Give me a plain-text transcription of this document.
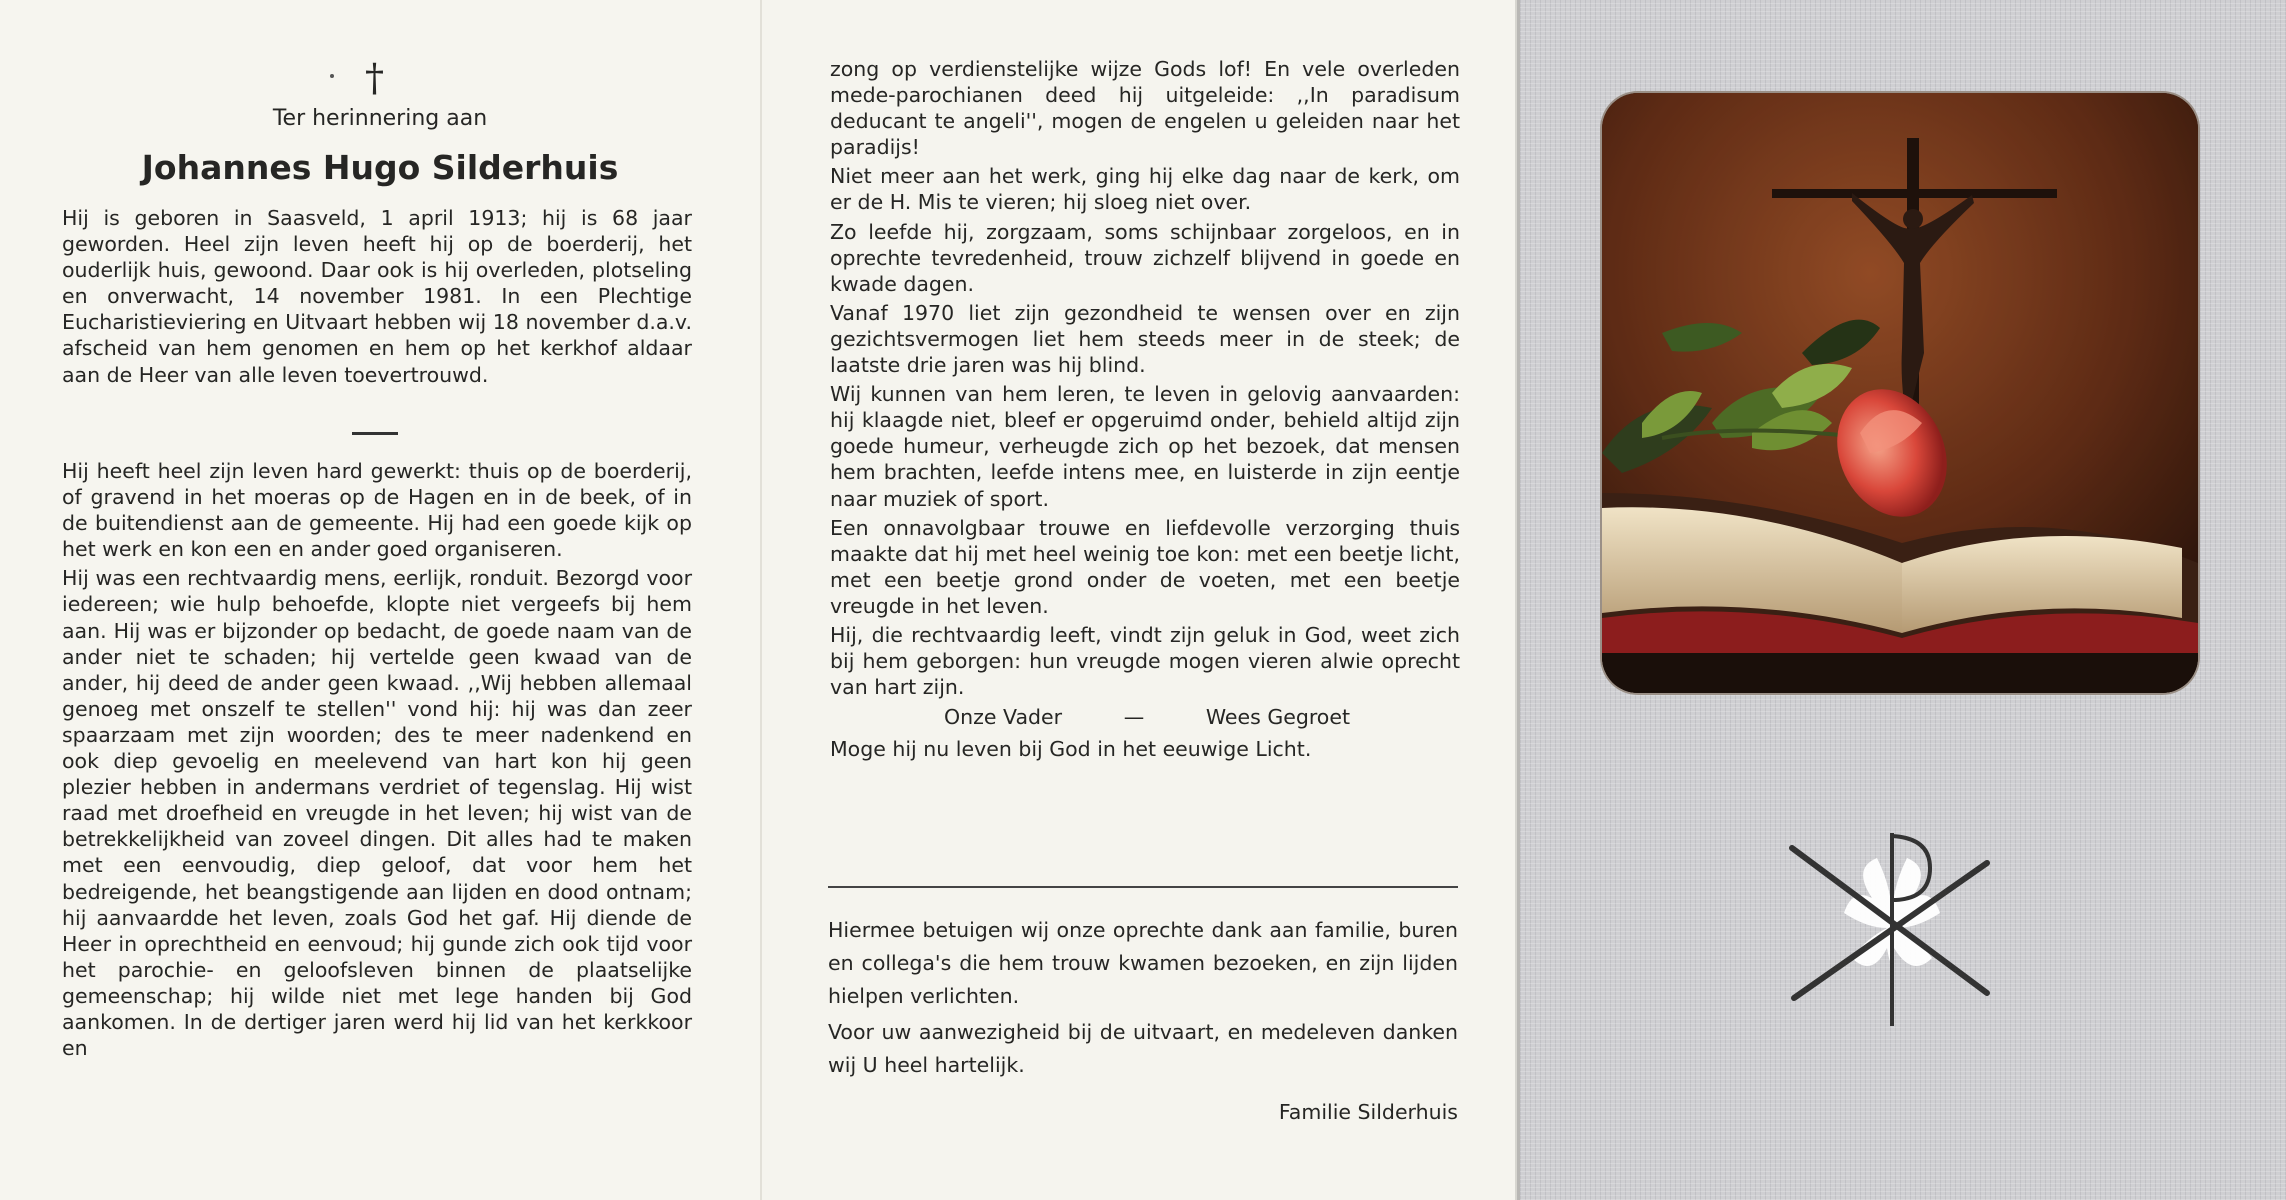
†
Ter herinnering aan
Johannes Hugo Silderhuis

Hij is geboren in Saasveld, 1 april 1913; hij is 68 jaar geworden. Heel zijn leven heeft hij op de boerderij, het ouderlijk huis, gewoond. Daar ook is hij overleden, plotseling en onverwacht, 14 november 1981. In een Plechtige Eucharistieviering en Uitvaart hebben wij 18 november d.a.v. afscheid van hem genomen en hem op het kerkhof aldaar aan de Heer van alle leven toevertrouwd.

Hij heeft heel zijn leven hard gewerkt: thuis op de boerderij, of gravend in het moeras op de Hagen en in de beek, of in de buitendienst aan de gemeente. Hij had een goede kijk op het werk en kon een en ander goed organiseren.

Hij was een rechtvaardig mens, eerlijk, ronduit. Bezorgd voor iedereen; wie hulp behoefde, klopte niet vergeefs bij hem aan. Hij was er bijzonder op bedacht, de goede naam van de ander niet te schaden; hij vertelde geen kwaad van de ander, hij deed de ander geen kwaad. ,,Wij hebben allemaal genoeg met onszelf te stellen'' vond hij: hij was dan zeer spaarzaam met zijn woorden; des te meer nadenkend en ook diep gevoelig en meelevend van hart kon hij geen plezier hebben in andermans verdriet of tegenslag. Hij wist raad met droefheid en vreugde in het leven; hij wist van de betrekkelijkheid van zoveel dingen. Dit alles had te maken met een eenvoudig, diep geloof, dat voor hem het bedreigende, het beangstigende aan lijden en dood ontnam; hij aanvaardde het leven, zoals God het gaf. Hij diende de Heer in oprechtheid en eenvoud; hij gunde zich ook tijd voor het parochie- en geloofsleven binnen de plaatselijke gemeenschap; hij wilde niet met lege handen bij God aankomen. In de dertiger jaren werd hij lid van het kerkkoor en

zong op verdienstelijke wijze Gods lof! En vele overleden mede-parochianen deed hij uitgeleide: ,,In paradisum deducant te angeli'', mogen de engelen u geleiden naar het paradijs!

Niet meer aan het werk, ging hij elke dag naar de kerk, om er de H. Mis te vieren; hij sloeg niet over.

Zo leefde hij, zorgzaam, soms schijnbaar zorgeloos, en in oprechte tevredenheid, trouw zichzelf blijvend in goede en kwade dagen.

Vanaf 1970 liet zijn gezondheid te wensen over en zijn gezichtsvermogen liet hem steeds meer in de steek; de laatste drie jaren was hij blind.

Wij kunnen van hem leren, te leven in gelovig aanvaarden: hij klaagde niet, bleef er opgeruimd onder, behield altijd zijn goede humeur, verheugde zich op het bezoek, dat mensen hem brachten, leefde intens mee, en luisterde in zijn eentje naar muziek of sport.

Een onnavolgbaar trouwe en liefdevolle verzorging thuis maakte dat hij met heel weinig toe kon: met een beetje licht, met een beetje grond onder de voeten, met een beetje vreugde in het leven.

Hij, die rechtvaardig leeft, vindt zijn geluk in God, weet zich bij hem geborgen: hun vreugde mogen vieren alwie oprecht van hart zijn.

Onze Vader	—	Wees Gegroet

Moge hij nu leven bij God in het eeuwige Licht.

Hiermee betuigen wij onze oprechte dank aan familie, buren en collega's die hem trouw kwamen bezoeken, en zijn lijden hielpen verlichten.

Voor uw aanwezigheid bij de uitvaart, en medeleven danken wij U heel hartelijk.

Familie Silderhuis
